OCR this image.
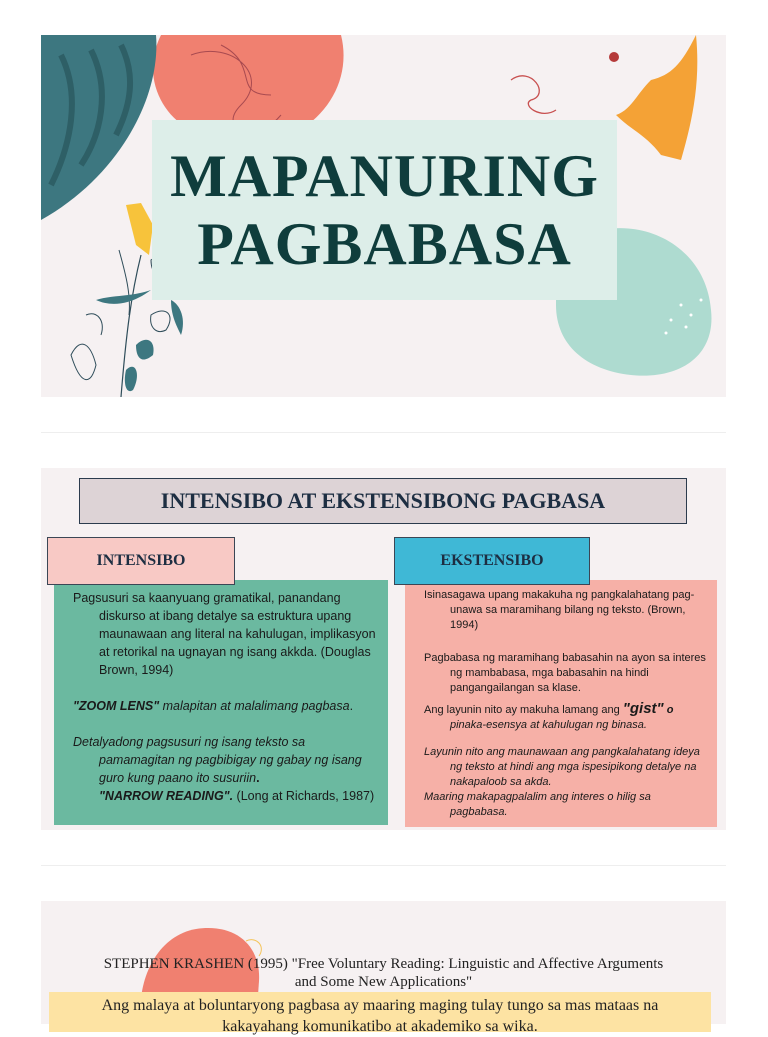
MAPANURING
PAGBABASA
INTENSIBO AT EKSTENSIBONG PAGBASA

Pagsusuri sa kaanyuang gramatikal, panandang diskurso at ibang detalye sa estruktura upang maunawaan ang literal na kahulugan, implikasyon at retorikal na ugnayan ng isang akkda. (Douglas Brown, 1994)

"ZOOM LENS" malapitan at malalimang pagbasa.

Detalyadong pagsusuri ng isang teksto sa pamamagitan ng pagbibigay ng gabay ng isang guro kung paano ito susuriin.
"NARROW READING". (Long at Richards, 1987)

Isinasagawa upang makakuha ng pangkalahatang pag-unawa sa maramihang bilang ng teksto. (Brown, 1994)

Pagbabasa ng maramihang babasahin na ayon sa interes ng mambabasa, mga babasahin na hindi pangangailangan sa klase.

Ang layunin nito ay makuha lamang ang "gist" o
pinaka-esensya at kahulugan ng binasa.

Layunin nito ang maunawaan ang pangkalahatang ideya ng teksto at hindi ang mga ispesipikong detalye na nakapaloob sa akda.

Maaring makapagpalalim ang interes o hilig sa pagbabasa.

INTENSIBO	EKSTENSIBO
STEPHEN KRASHEN (1995) "Free Voluntary Reading: Linguistic and Affective Arguments
and Some New Applications"
Ang malaya at boluntaryong pagbasa ay maaring maging tulay tungo sa mas mataas na
kakayahang komunikatibo at akademiko sa wika.
